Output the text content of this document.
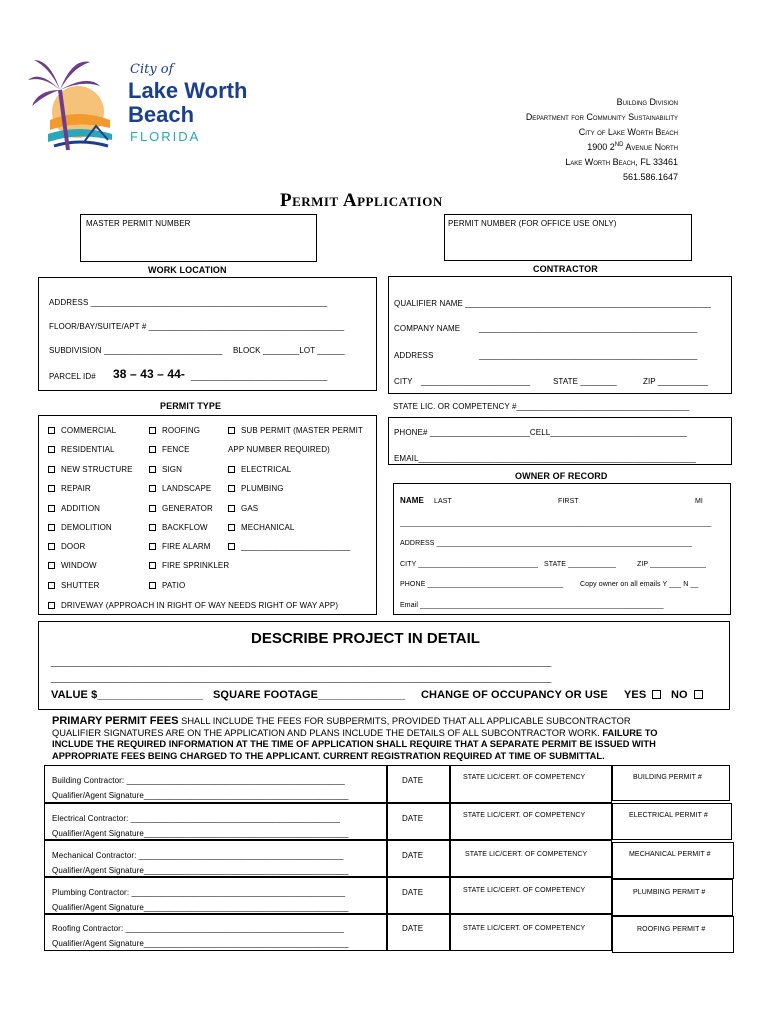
City of
Lake Worth
Beach
FLORIDA
Building Division
Department for Community Sustainability
City of Lake Worth Beach
1900 2ND Avenue North
Lake Worth Beach, FL 33461
561.586.1647
Permit Application
MASTER PERMIT NUMBER	PERMIT NUMBER (FOR OFFICE USE ONLY)
WORK LOCATION
ADDRESS ____________________________________________________
FLOOR/BAY/SUITE/APT # ___________________________________________
SUBDIVISION __________________________ BLOCK ________LOT ______
PARCEL ID# 38 – 43 – 44- ______________________________
CONTRACTOR
QUALIFIER NAME ______________________________________________________
COMPANY NAME ________________________________________________
ADDRESS	________________________________________________
CITY ________________________	STATE ________	ZIP ___________
STATE LIC. OR COMPETENCY #______________________________________
PHONE# ______________________CELL______________________________
EMAIL_____________________________________________________________
PERMIT TYPE
COMMERCIAL
RESIDENTIAL
NEW STRUCTURE
REPAIR
ADDITION
DEMOLITION
DOOR
WINDOW
SHUTTER
DRIVEWAY (APPROACH IN RIGHT OF WAY NEEDS RIGHT OF WAY APP)
ROOFING
FENCE
SIGN
LANDSCAPE
GENERATOR
BACKFLOW
FIRE ALARM
FIRE SPRINKLER
PATIO
SUB PERMIT (MASTER PERMIT
APP NUMBER REQUIRED)
ELECTRICAL
PLUMBING
GAS
MECHANICAL
________________________
OWNER OF RECORD
NAME LAST	FIRST	MI
______________________________________________________________________________
ADDRESS ________________________________________________________________
CITY ______________________________ STATE ____________	ZIP ______________
PHONE __________________________________ Copy owner on all emails Y ___ N __
Email _____________________________________________________________
DESCRIBE PROJECT IN DETAIL
______________________________________________________________________________________________________________
______________________________________________________________________________________________________________
VALUE $_________________ SQUARE FOOTAGE______________ CHANGE OF OCCUPANCY OR USE YES	NO
PRIMARY PERMIT FEES SHALL INCLUDE THE FEES FOR SUBPERMITS, PROVIDED THAT ALL APPLICABLE SUBCONTRACTOR
QUALIFIER SIGNATURES ARE ON THE APPLICATION AND PLANS INCLUDE THE DETAILS OF ALL SUBCONTRACTOR WORK. FAILURE TO
INCLUDE THE REQUIRED INFORMATION AT THE TIME OF APPLICATION SHALL REQUIRE THAT A SEPARATE PERMIT BE ISSUED WITH
APPROPRIATE FEES BEING CHARGED TO THE APPLICANT. CURRENT REGISTRATION REQUIRED AT TIME OF SUBMITTAL.
Building Contractor: ________________________________________________
Qualifier/Agent Signature_____________________________________________
DATE	STATE LIC/CERT. OF COMPETENCY	BUILDING PERMIT #
Electrical Contractor: ______________________________________________
Qualifier/Agent Signature_____________________________________________
DATE	STATE LIC/CERT. OF COMPETENCY	ELECTRICAL PERMIT #
Mechanical Contractor: _____________________________________________
Qualifier/Agent Signature_____________________________________________
DATE	STATE LIC/CERT. OF COMPETENCY	MECHANICAL PERMIT #
Plumbing Contractor: _______________________________________________
Qualifier/Agent Signature_____________________________________________
DATE	STATE LIC/CERT. OF COMPETENCY	PLUMBING PERMIT #
Roofing Contractor: ________________________________________________
Qualifier/Agent Signature_____________________________________________
DATE	STATE LIC/CERT. OF COMPETENCY	ROOFING PERMIT #
